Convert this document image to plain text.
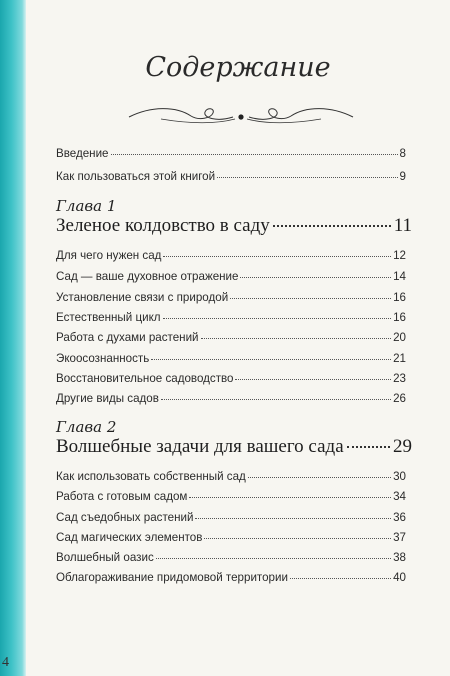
Содержание
Введение	8
Как пользоваться этой книгой	9
Глава 1
Зеленое колдовство в саду	11
Для чего нужен сад	12
Сад — ваше духовное отражение	14
Установление связи с природой	16
Естественный цикл	16
Работа с духами растений	20
Экоосознанность	21
Восстановительное садоводство	23
Другие виды садов	26
Глава 2
Волшебные задачи для вашего сада	29
Как использовать собственный сад	30
Работа с готовым садом	34
Сад съедобных растений	36
Сад магических элементов	37
Волшебный оазис	38
Облагораживание придомовой территории	40
4
